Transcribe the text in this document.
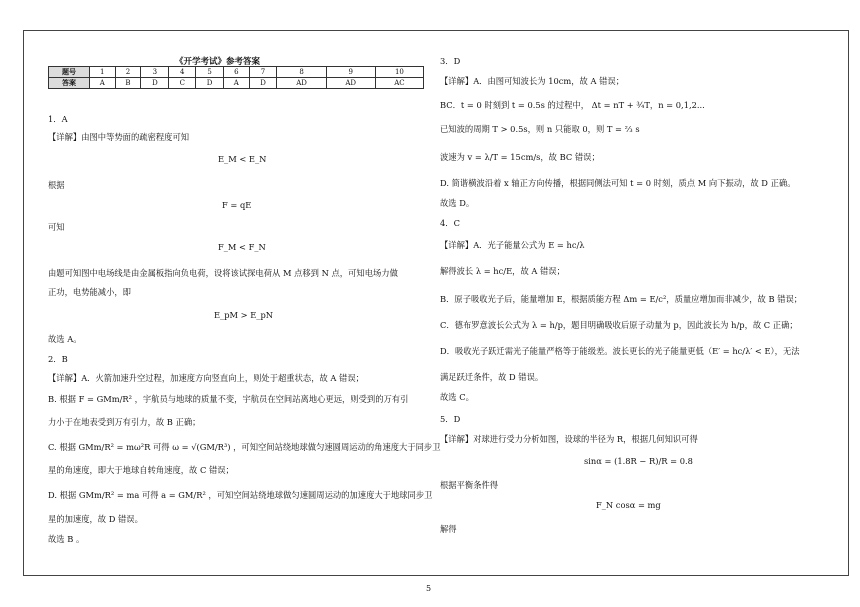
《开学考试》参考答案
题号	1	2	3	4	5	6	7	8	9	10
答案	A	B	D	C	D	A	D	AD	AD	AC
1．A
【详解】由图中等势面的疏密程度可知
E_M < E_N
根据
F = qE
可知
F_M < F_N
由题可知图中电场线是由金属板指向负电荷，设将该试探电荷从 M 点移到 N 点，可知电场力做
正功，电势能减小，即
E_pM > E_pN
故选 A。
2．B
【详解】A．火箭加速升空过程，加速度方向竖直向上，则处于超重状态，故 A 错误；
B. 根据 F = GMm/R² ，宇航员与地球的质量不变，宇航员在空间站离地心更远，则受到的万有引
力小于在地表受到万有引力，故 B 正确；
C. 根据 GMm/R² = mω²R 可得 ω = √(GM/R³) ，可知空间站绕地球做匀速圆周运动的角速度大于同步卫
星的角速度，即大于地球自转角速度，故 C 错误；
D. 根据 GMm/R² = ma 可得 a = GM/R² ，可知空间站绕地球做匀速圆周运动的加速度大于地球同步卫
星的加速度，故 D 错误。
故选 B 。
3．D
【详解】A．由图可知波长为 10cm，故 A 错误；
BC．t = 0 时刻到 t = 0.5s 的过程中， Δt = nT + ¾T，n = 0,1,2...
已知波的周期 T > 0.5s，则 n 只能取 0，则 T = ⅔ s
波速为 v = λ/T = 15cm/s，故 BC 错误；
D. 简谐横波沿着 x 轴正方向传播，根据同侧法可知 t = 0 时刻，质点 M 向下振动，故 D 正确。
故选 D。
4．C
【详解】A．光子能量公式为 E = hc/λ
解得波长 λ = hc/E，故 A 错误；
B．原子吸收光子后，能量增加 E，根据质能方程 Δm = E/c²，质量应增加而非减少，故 B 错误；
C．德布罗意波长公式为 λ = h/p，题目明确吸收后原子动量为 p，因此波长为 h/p，故 C 正确；
D．吸收光子跃迁需光子能量严格等于能级差。波长更长的光子能量更低（E′ = hc/λ′ < E），无法
满足跃迁条件，故 D 错误。
故选 C。
5．D
【详解】对球进行受力分析如图，设球的半径为 R，根据几何知识可得
sinα = (1.8R − R)/R = 0.8
根据平衡条件得
F_N cosα = mg
解得
5
